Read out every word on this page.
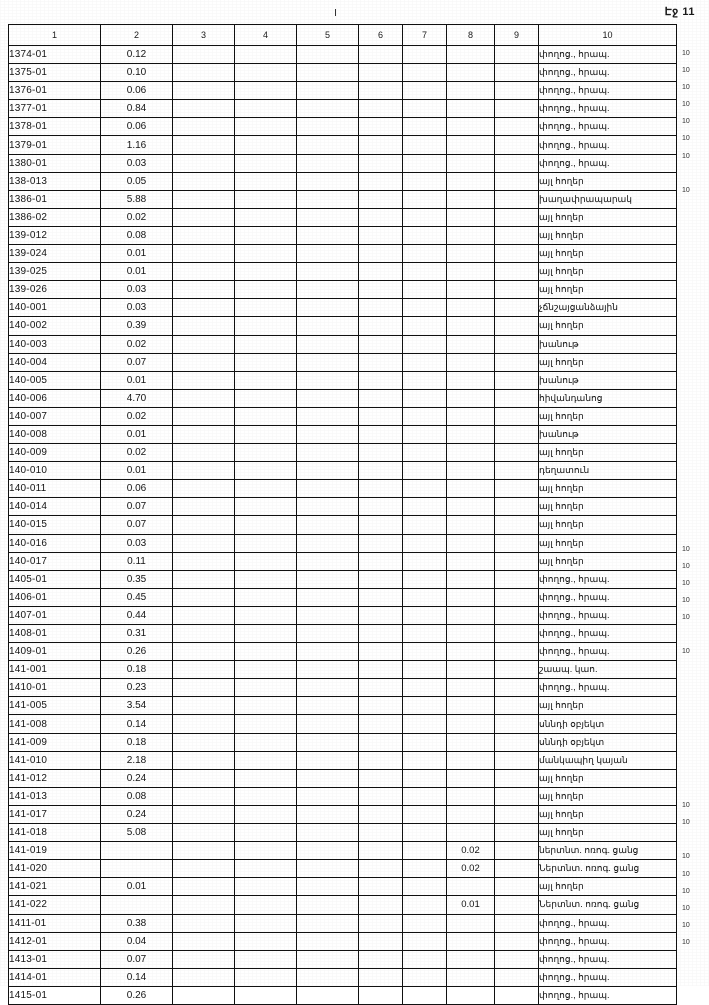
Էջ 11
1	2	3	4	5	6	7	8	9	10
1374-01	0.12								փողոց., հրապ.
1375-01	0.10								փողոց., հրապ.
1376-01	0.06								փողոց., հրապ.
1377-01	0.84								փողոց., հրապ.
1378-01	0.06								փողոց., հրապ.
1379-01	1.16								փողոց., հրապ.
1380-01	0.03								փողոց., հրապ.
138-013	0.05								այլ հողեր
1386-01	5.88								խաղափրապարակ
1386-02	0.02								այլ հողեր
139-012	0.08								այլ հողեր
139-024	0.01								այլ հողեր
139-025	0.01								այլ հողեր
139-026	0.03								այլ հողեր
140-001	0.03								չճնշայցանձային
140-002	0.39								այլ հողեր
140-003	0.02								խանութ
140-004	0.07								այլ հողեր
140-005	0.01								խանութ
140-006	4.70								հիվանդանոց
140-007	0.02								այլ հողեր
140-008	0.01								խանութ
140-009	0.02								այլ հողեր
140-010	0.01								դեղատուն
140-011	0.06								այլ հողեր
140-014	0.07								այլ հողեր
140-015	0.07								այլ հողեր
140-016	0.03								այլ հողեր
140-017	0.11								այլ հողեր
1405-01	0.35								փողոց., հրապ.
1406-01	0.45								փողոց., հրապ.
1407-01	0.44								փողոց., հրապ.
1408-01	0.31								փողոց., հրապ.
1409-01	0.26								փողոց., հրապ.
141-001	0.18								շաապ. կաո.
1410-01	0.23								փողոց., հրապ.
141-005	3.54								այլ հողեր
141-008	0.14								սննդի օբյեկտ
141-009	0.18								սննդի օբյեկտ
141-010	2.18								մանկապիղ կայան
141-012	0.24								այլ հողեր
141-013	0.08								այլ հողեր
141-017	0.24								այլ հողեր
141-018	5.08								այլ հողեր
141-019							0.02		ներտնտ. ոռոգ. ցանց
141-020							0.02		Ներտնտ. ոռոգ. ցանց
141-021	0.01								այլ հողեր
141-022							0.01		Ներտնտ. ոռոգ. ցանց
1411-01	0.38								փողոց., հրապ.
1412-01	0.04								փողոց., հրապ.
1413-01	0.07								փողոց., հրապ.
1414-01	0.14								փողոց., հրապ.
1415-01	0.26								փողոց., հրապ.
10
10
10
10
10
10
10
10
10
10
10
10
10
10
10
10
10
10
10
10
10
10
